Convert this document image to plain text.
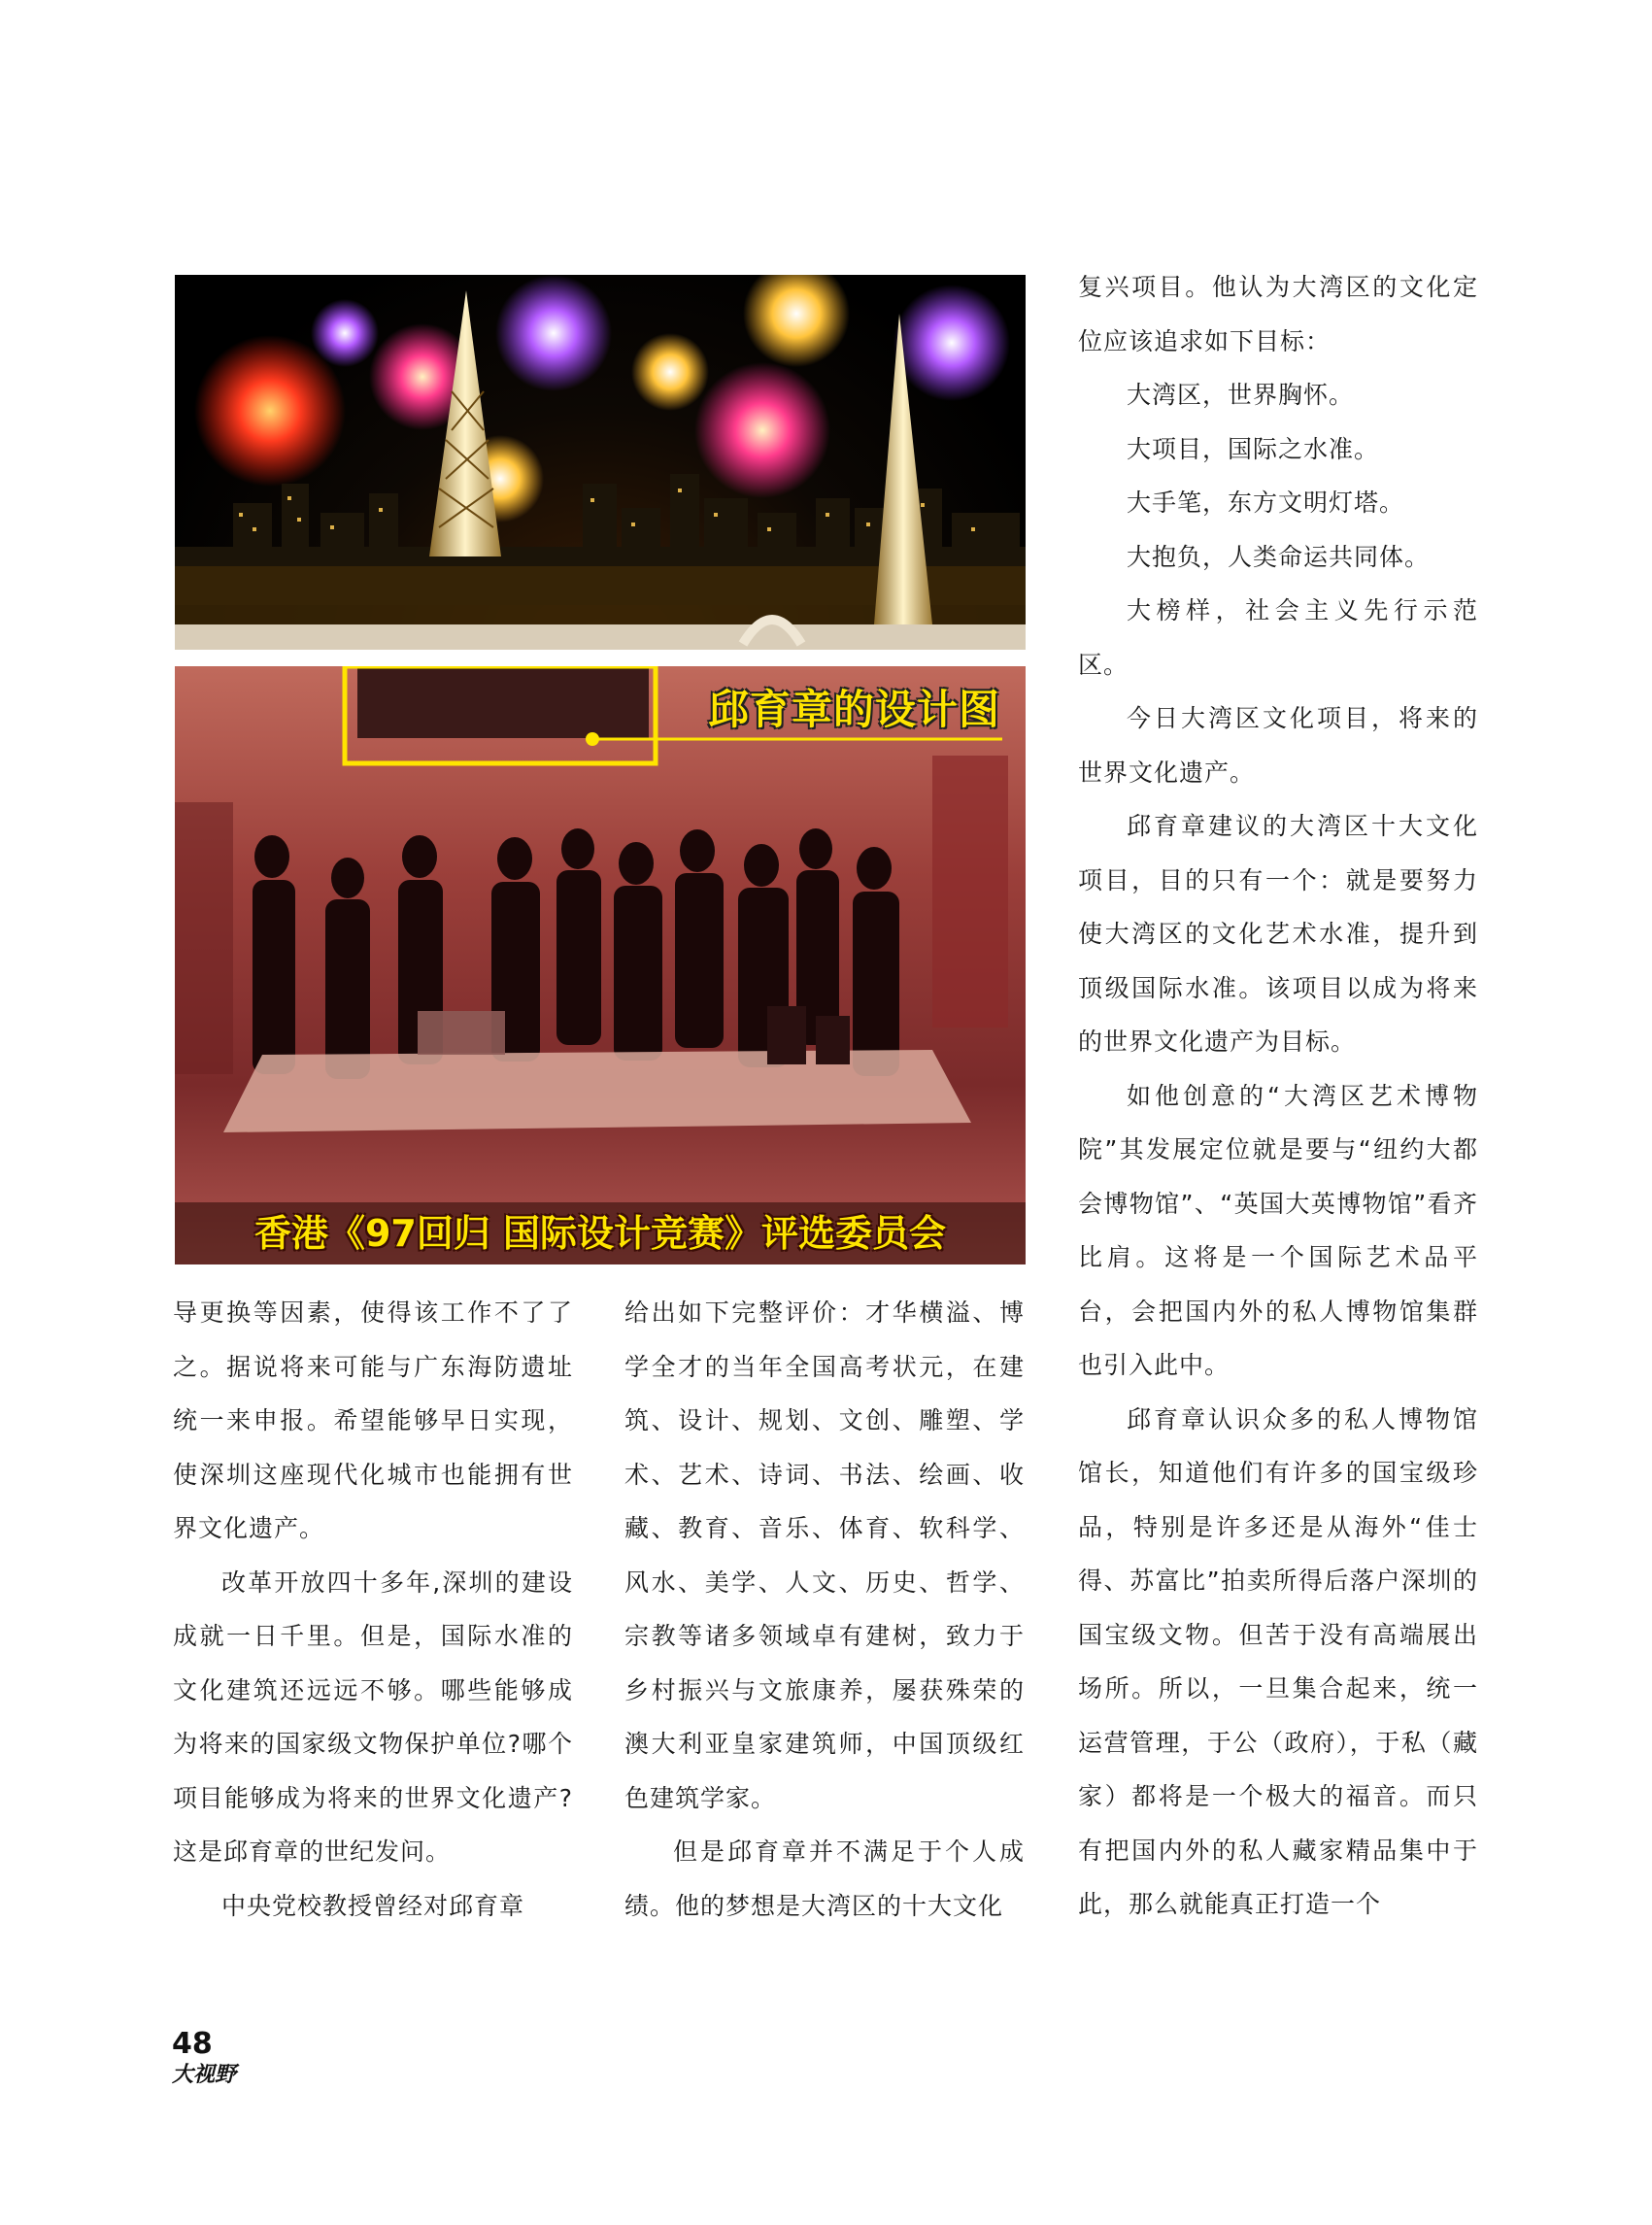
邱育章的设计图
香港《97回归 国际设计竞赛》评选委员会

导更换等因素，使得该工作不了了之。据说将来可能与广东海防遗址统一来申报。希望能够早日实现，使深圳这座现代化城市也能拥有世界文化遗产。

改革开放四十多年,深圳的建设成就一日千里。但是，国际水准的文化建筑还远远不够。哪些能够成为将来的国家级文物保护单位?哪个项目能够成为将来的世界文化遗产? 这是邱育章的世纪发问。

中央党校教授曾经对邱育章

给出如下完整评价：才华横溢、博学全才的当年全国高考状元，在建筑、设计、规划、文创、雕塑、学术、艺术、诗词、书法、绘画、收藏、教育、音乐、体育、软科学、风水、美学、人文、历史、哲学、宗教等诸多领域卓有建树，致力于乡村振兴与文旅康养，屡获殊荣的澳大利亚皇家建筑师，中国顶级红色建筑学家。

但是邱育章并不满足于个人成绩。他的梦想是大湾区的十大文化

复兴项目。他认为大湾区的文化定位应该追求如下目标：

大湾区，世界胸怀。

大项目，国际之水准。

大手笔，东方文明灯塔。

大抱负，人类命运共同体。

大榜样，社会主义先行示范区。

今日大湾区文化项目，将来的世界文化遗产。

邱育章建议的大湾区十大文化项目，目的只有一个：就是要努力使大湾区的文化艺术水准，提升到顶级国际水准。该项目以成为将来的世界文化遗产为目标。

如他创意的“大湾区艺术博物院”其发展定位就是要与“纽约大都会博物馆”、“英国大英博物馆”看齐比肩。这将是一个国际艺术品平台，会把国内外的私人博物馆集群也引入此中。

邱育章认识众多的私人博物馆馆长，知道他们有许多的国宝级珍品，特别是许多还是从海外“佳士得、苏富比”拍卖所得后落户深圳的国宝级文物。但苦于没有高端展出场所。所以，一旦集合起来，统一运营管理，于公（政府），于私（藏家）都将是一个极大的福音。而只有把国内外的私人藏家精品集中于此，那么就能真正打造一个

48
大视野
